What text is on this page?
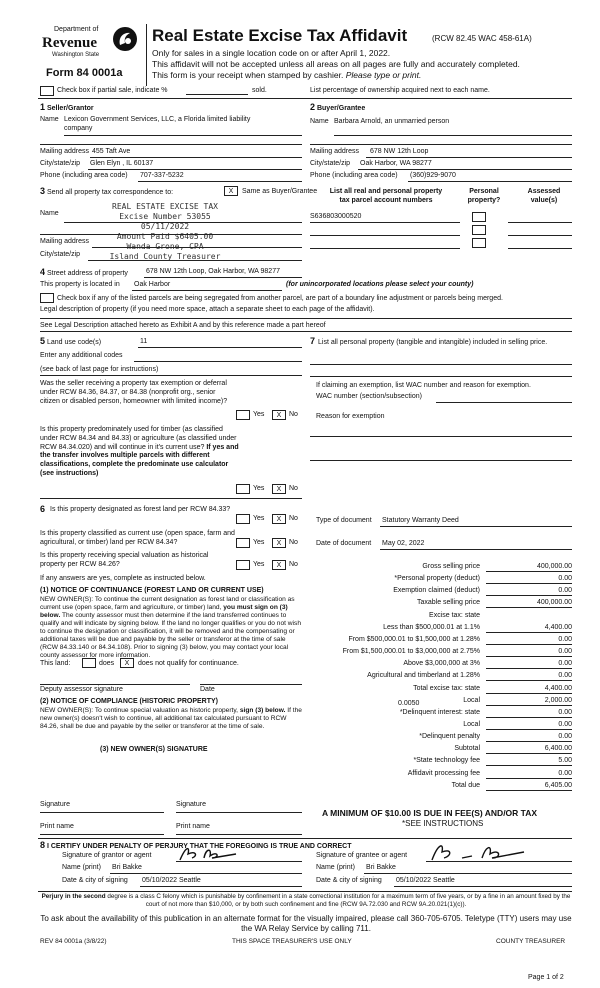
Department of
Revenue
Washington State
Form 84 0001a
Real Estate Excise Tax Affidavit	(RCW 82.45 WAC 458-61A)
Only for sales in a single location code on or after April 1, 2022.
This affidavit will not be accepted unless all areas on all pages are fully and accurately completed.
This form is your receipt when stamped by cashier. Please type or print.
Check box if partial sale, indicate %	sold.	List percentage of ownership acquired next to each name.
1 Seller/Grantor
Name Lexicon Government Services, LLC, a Florida limited liability company
Mailing address 455 Taft Ave
City/state/zip Glen Elyn , IL 60137
Phone (including area code) 707-337-5232
2 Buyer/Grantee
Name Barbara Arnold, an unmarried person
Mailing address 678 NW 12th Loop
City/state/zip Oak Harbor, WA 98277
Phone (including area code) (360)929-9070
3 Send all property tax correspondence to:	X	Same as Buyer/Grantee
Name
REAL ESTATE EXCISE TAX
Excise Number 53055
05/11/2022
Amount Paid $6405.00
Wanda Grone, CPA
Island County Treasurer
Mailing address
City/state/zip
List all real and personal property
tax parcel account numbers
Personal
property?
Assessed
value(s)
S636803000520
4 Street address of property	678 NW 12th Loop, Oak Harbor, WA 98277
This property is located in Oak Harbor	(for unincorporated locations please select your county)
Check box if any of the listed parcels are being segregated from another parcel, are part of a boundary line adjustment or parcels being merged.
Legal description of property (if you need more space, attach a separate sheet to each page of the affidavit).
See Legal Description attached hereto as Exhibit A and by this reference made a part hereof
5 Land use code(s)	11
Enter any additional codes
(see back of last page for instructions)
Was the seller receiving a property tax exemption or deferral under RCW 84.36, 84.37, or 84.38 (nonprofit org., senior citizen or disabled person, homeowner with limited income)?
Yes	X	No
Is this property predominately used for timber (as classified under RCW 84.34 and 84.33) or agriculture (as classified under RCW 84.34.020) and will continue in it's current use? If yes and the transfer involves multiple parcels with different classifications, complete the predominate use calculator (see instructions)
Yes	X	No
7 List all personal property (tangible and intangible) included in selling price.
If claiming an exemption, list WAC number and reason for exemption.
WAC number (section/subsection)
Reason for exemption
6 Is this property designated as forest land per RCW 84.33?
Yes	X	No
Is this property classified as current use (open space, farm and agricultural, or timber) land per RCW 84.34?	Yes	X	No
Is this property receiving special valuation as historical property per RCW 84.26?	Yes	X	No
If any answers are yes, complete as instructed below.
(1) NOTICE OF CONTINUANCE (FOREST LAND OR CURRENT USE)
NEW OWNER(S): To continue the current designation as forest land or classification as current use (open space, farm and agriculture, or timber) land, you must sign on (3) below. The county assessor must then determine if the land transferred continues to qualify and will indicate by signing below. If the land no longer qualifies or you do not wish to continue the designation or classification, it will be removed and the compensating or additional taxes will be due and payable by the seller or transferor at the time of sale (RCW 84.33.140 or 84.34.108). Prior to signing (3) below, you may contact your local county assessor for more information.
This land:	does	X	does not qualify for continuance.
Deputy assessor signature	Date
(2) NOTICE OF COMPLIANCE (HISTORIC PROPERTY)
NEW OWNER(S): To continue special valuation as historic property, sign (3) below. If the new owner(s) doesn't wish to continue, all additional tax calculated pursuant to RCW 84.26, shall be due and payable by the seller or transferor at the time of sale.
(3) NEW OWNER(S) SIGNATURE
Signature	Signature
Print name	Print name
Type of document Statutory Warranty Deed
Date of document May 02, 2022
Gross selling price	400,000.00
*Personal property (deduct)	0.00
Exemption claimed (deduct)	0.00
Taxable selling price	400,000.00
Excise tax: state
Less than $500,000.01 at 1.1%	4,400.00
From $500,000.01 to $1,500,000 at 1.28%	0.00
From $1,500,000.01 to $3,000,000 at 2.75%	0.00
Above $3,000,000 at 3%	0.00
Agricultural and timberland at 1.28%	0.00
Total excise tax: state	4,400.00
Local	2,000.00
*Delinquent interest: state	0.00
Local	0.00
*Delinquent penalty	0.00
Subtotal	6,400.00
*State technology fee	5.00
Affidavit processing fee	0.00
Total due	6,405.00
0.0050
A MINIMUM OF $10.00 IS DUE IN FEE(S) AND/OR TAX
*SEE INSTRUCTIONS
8 I CERTIFY UNDER PENALTY OF PERJURY THAT THE FOREGOING IS TRUE AND CORRECT
Signature of grantor or agent	Signature of grantee or agent
Name (print) Bri Bakke	Name (print) Bri Bakke
Date & city of signing 05/10/2022 Seattle	Date & city of signing 05/10/2022 Seattle
Perjury in the second degree is a class C felony which is punishable by confinement in a state correctional institution for a maximum term of five years, or by a fine in an amount fixed by the court of not more than $10,000, or by both such confinement and fine (RCW 9A.72.030 and RCW 9A.20.021(1)(c)).
To ask about the availability of this publication in an alternate format for the visually impaired, please call 360-705-6705. Teletype (TTY) users may use the WA Relay Service by calling 711.
REV 84 0001a (3/8/22)	THIS SPACE TREASURER'S USE ONLY	COUNTY TREASURER
Page 1 of 2
